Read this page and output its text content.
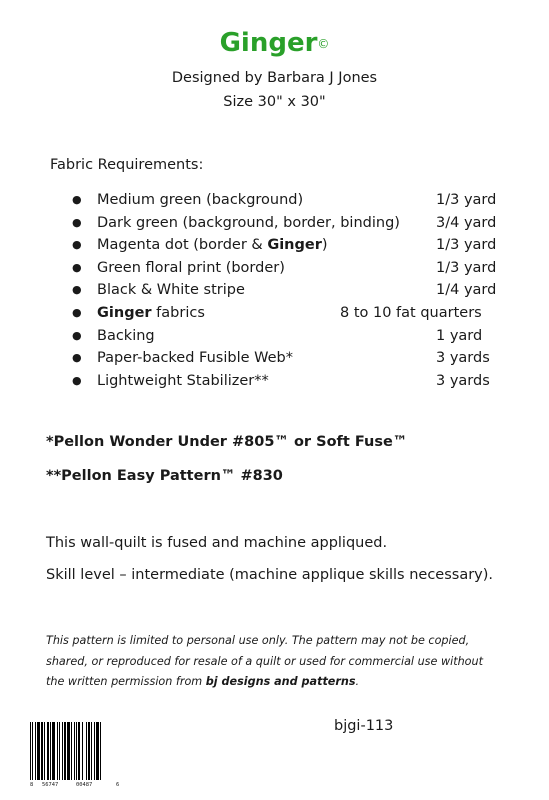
Ginger©
Designed by Barbara J Jones
Size 30" x 30"
Fabric Requirements:
● Medium green (background)	1/3 yard
● Dark green (background, border, binding) 3/4 yard
● Magenta dot (border & Ginger)	1/3 yard
● Green floral print (border)	1/3 yard
● Black & White stripe	1/4 yard
● Ginger fabrics	8 to 10 fat quarters
● Backing	1 yard
● Paper-backed Fusible Web*	3 yards
● Lightweight Stabilizer**	3 yards
*Pellon Wonder Under #805™ or Soft Fuse™
**Pellon Easy Pattern™ #830
This wall-quilt is fused and machine appliqued.
Skill level – intermediate (machine applique skills necessary).
This pattern is limited to personal use only. The pattern may not be copied,
shared, or reproduced for resale of a quilt or used for commercial use without
the written permission from bj designs and patterns.
8 56747	00487	6
bjgi-113
